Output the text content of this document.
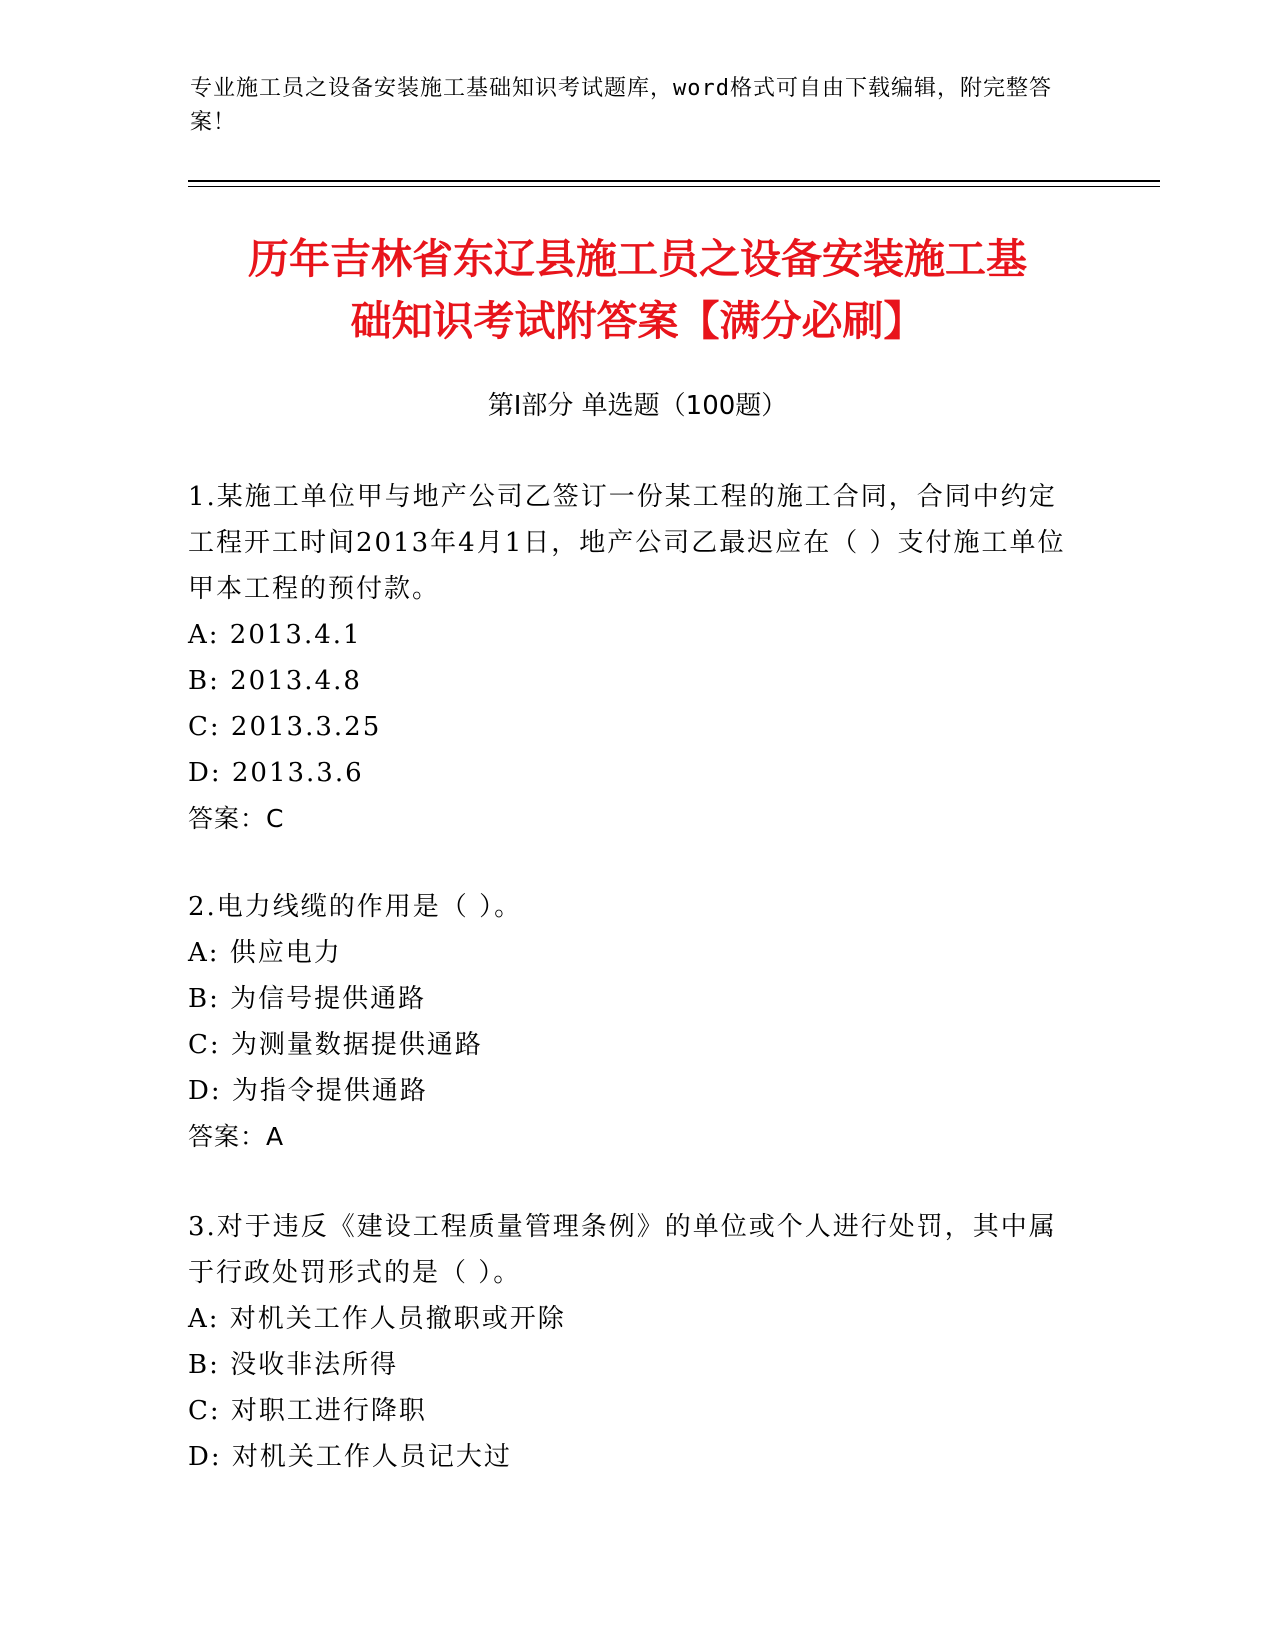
专业施工员之设备安装施工基础知识考试题库，word格式可自由下载编辑，附完整答案！
历年吉林省东辽县施工员之设备安装施工基
础知识考试附答案【满分必刷】
第Ⅰ部分 单选题（100题）

1.某施工单位甲与地产公司乙签订一份某工程的施工合同，合同中约定工程开工时间2013年4月1日，地产公司乙最迟应在（ ）支付施工单位甲本工程的预付款。

A: 2013.4.1

B: 2013.4.8

C: 2013.3.25

D: 2013.3.6

答案：C

2.电力线缆的作用是（ ）。

A: 供应电力

B: 为信号提供通路

C: 为测量数据提供通路

D: 为指令提供通路

答案：A

3.对于违反《建设工程质量管理条例》的单位或个人进行处罚，其中属于行政处罚形式的是（ ）。

A: 对机关工作人员撤职或开除

B: 没收非法所得

C: 对职工进行降职

D: 对机关工作人员记大过
